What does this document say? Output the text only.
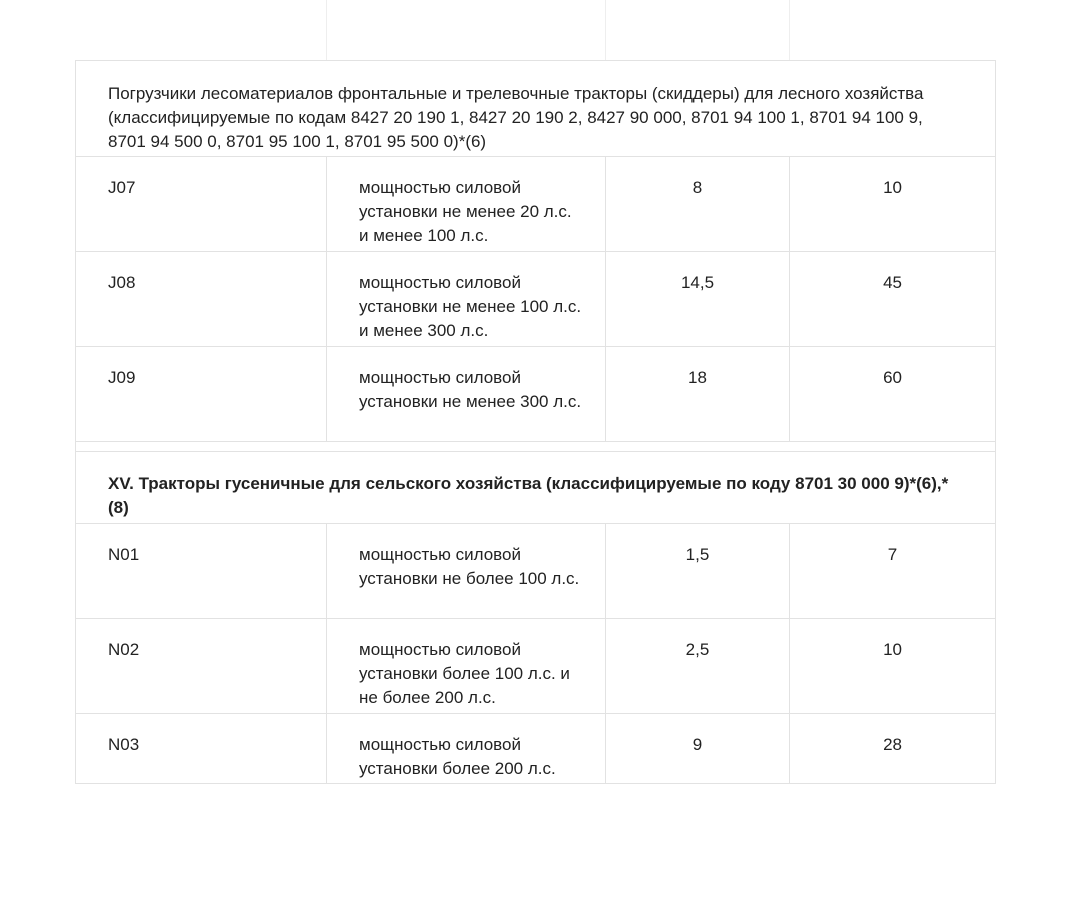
Погрузчики лесоматериалов фронтальные и трелевочные тракторы (скиддеры) для лесного хозяйства (классифицируемые по кодам 8427 20 190 1, 8427 20 190 2, 8427 90 000, 8701 94 100 1, 8701 94 100 9, 8701 94 500 0, 8701 95 100 1, 8701 95 500 0)*(6)			
J07	мощностью силовой установки не менее 20 л.с. и менее 100 л.с.	8	10
J08	мощностью силовой установки не менее 100 л.с. и менее 300 л.с.	14,5	45
J09	мощностью силовой установки не менее 300 л.с.	18	60

XV. Тракторы гусеничные для сельского хозяйства (классифицируемые по коду 8701 30 000 9)*(6),*(8)			
N01	мощностью силовой установки не более 100 л.с.	1,5	7
N02	мощностью силовой установки более 100 л.с. и не более 200 л.с.	2,5	10
N03	мощностью силовой установки более 200 л.с.	9	28
